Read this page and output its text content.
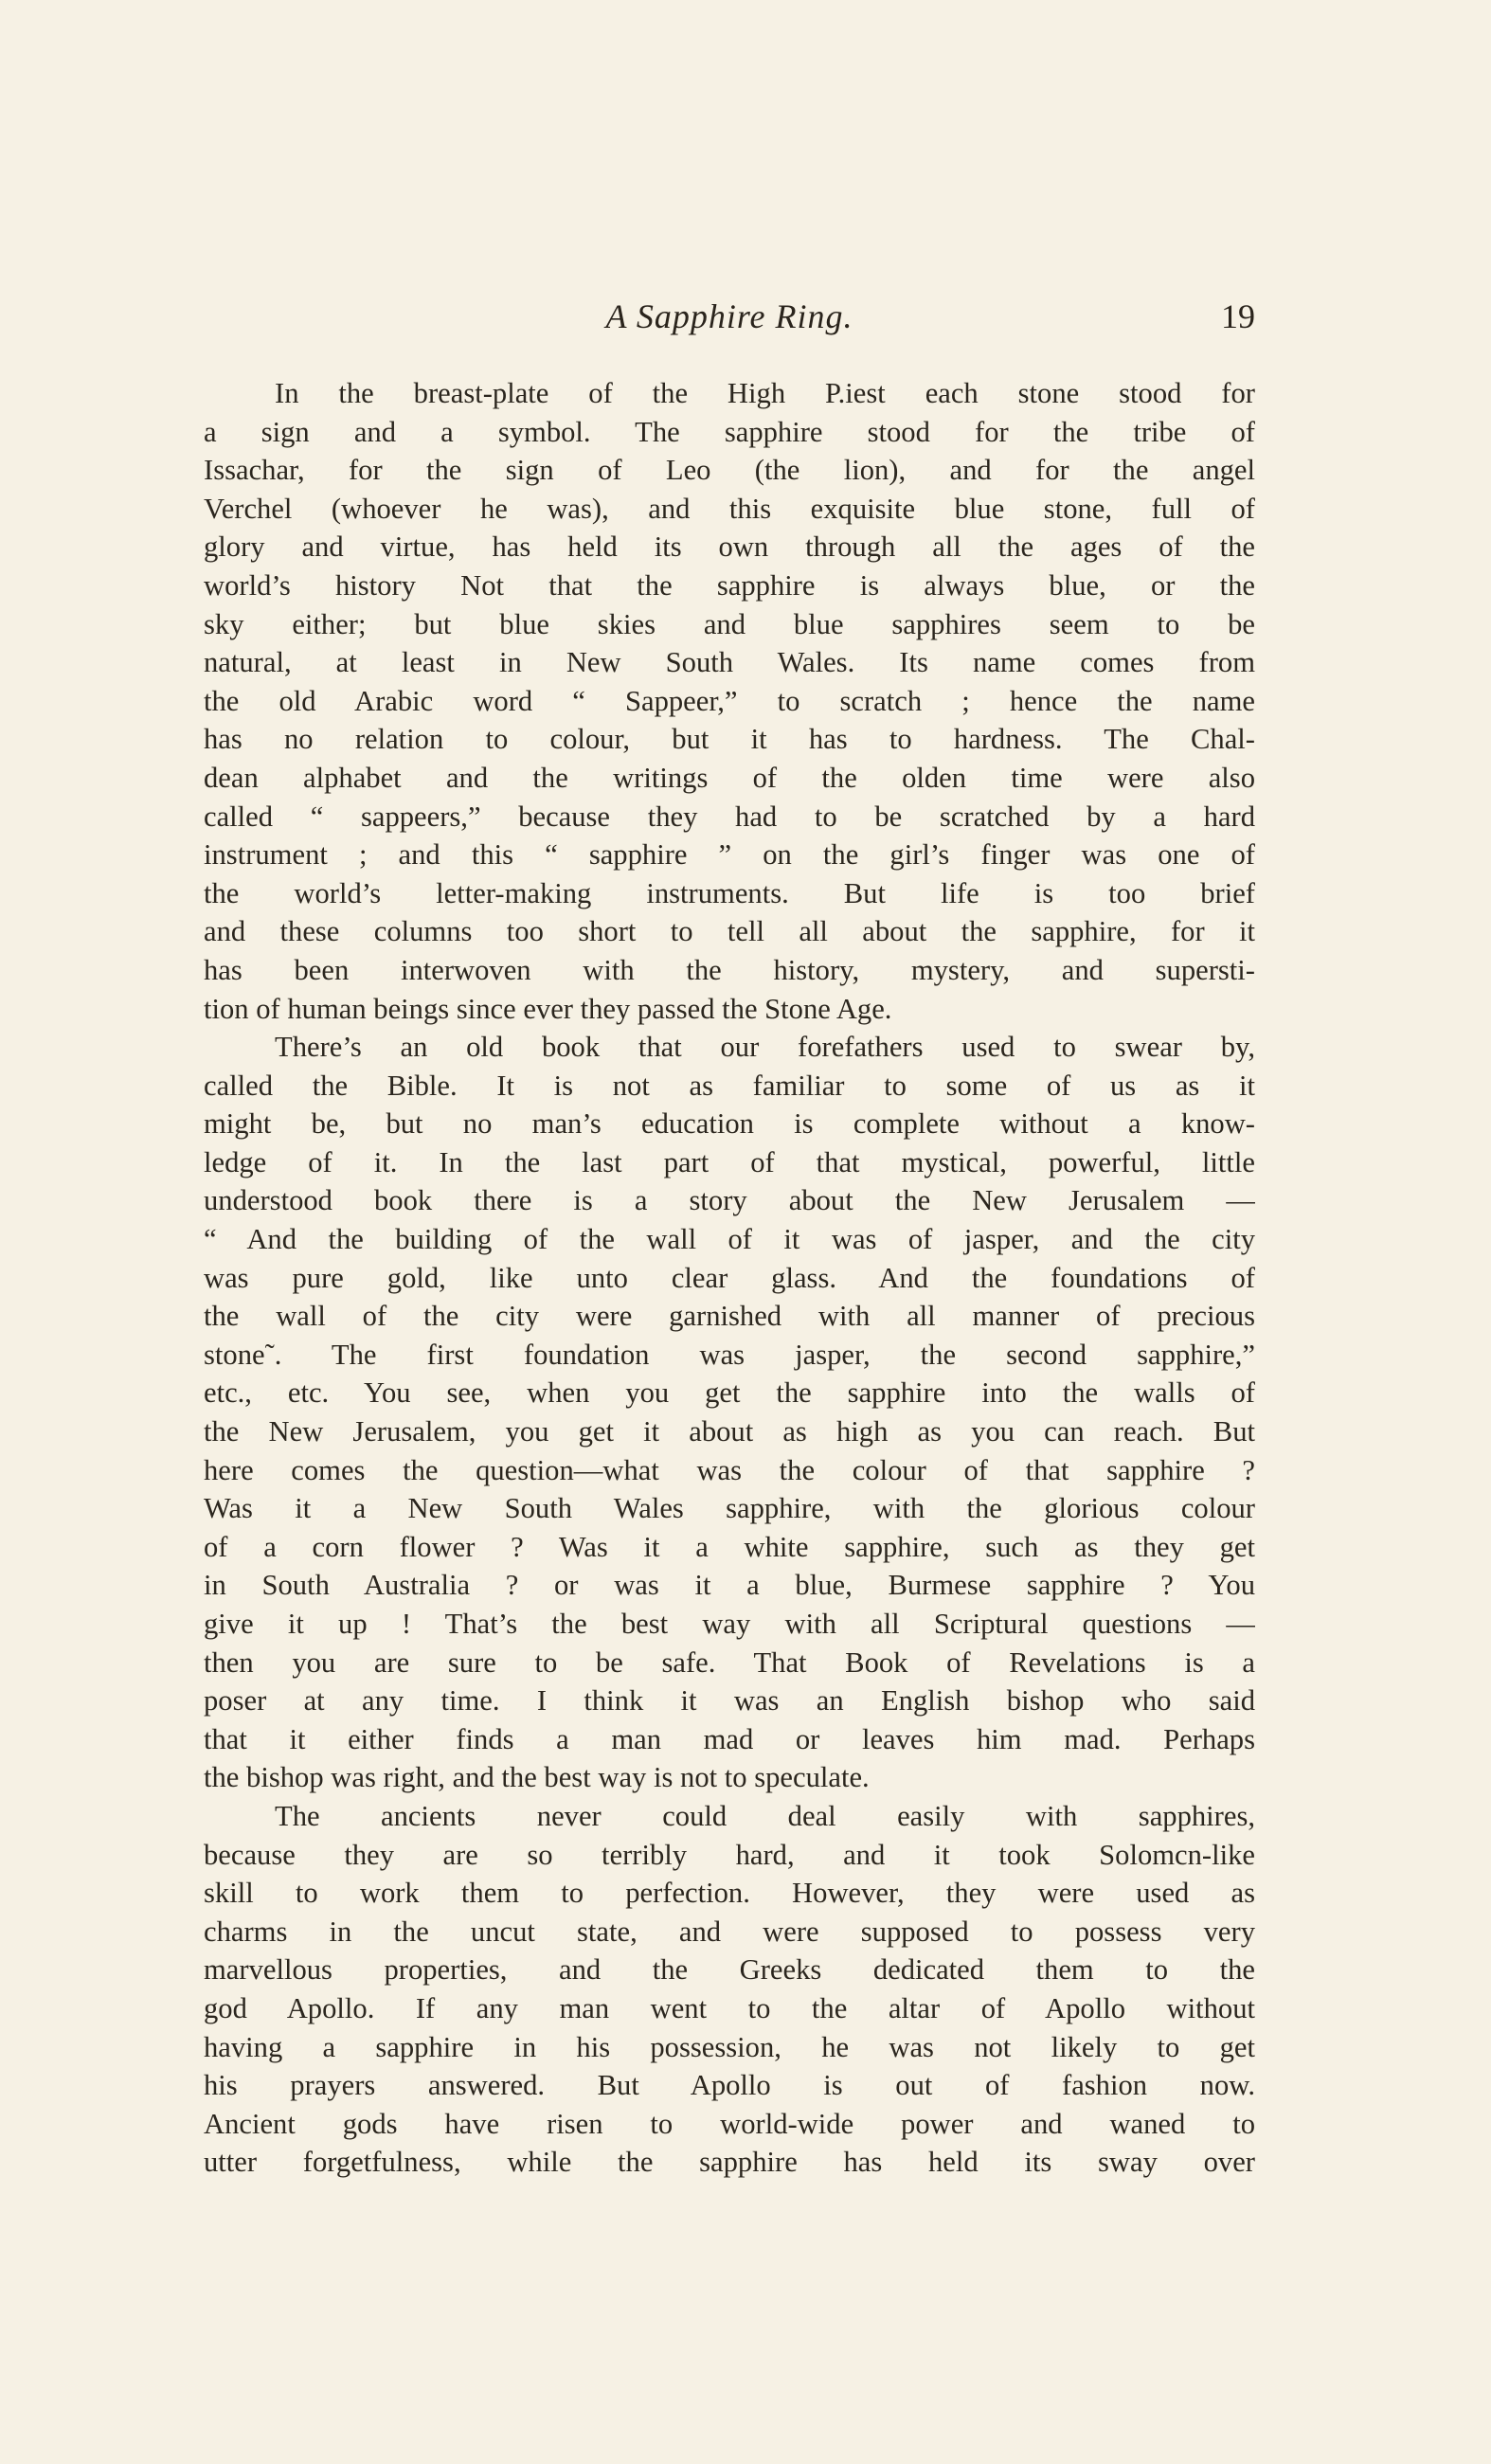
A Sapphire Ring.	19
In the breast-plate of the High P.iest each stone stood for
a sign and a symbol. The sapphire stood for the tribe of
Issachar, for the sign of Leo (the lion), and for the angel
Verchel (whoever he was), and this exquisite blue stone, full of
glory and virtue, has held its own through all the ages of the
world’s history Not that the sapphire is always blue, or the
sky either; but blue skies and blue sapphires seem to be
natural, at least in New South Wales. Its name comes from
the old Arabic word “ Sappeer,” to scratch ; hence the name
has no relation to colour, but it has to hardness. The Chal-
dean alphabet and the writings of the olden time were also
called “ sappeers,” because they had to be scratched by a hard
instrument ; and this “ sapphire ” on the girl’s finger was one of
the world’s letter-making instruments. But life is too brief
and these columns too short to tell all about the sapphire, for it
has been interwoven with the history, mystery, and supersti-
tion of human beings since ever they passed the Stone Age.
There’s an old book that our forefathers used to swear by,
called the Bible. It is not as familiar to some of us as it
might be, but no man’s education is complete without a know-
ledge of it. In the last part of that mystical, powerful, little
understood book there is a story about the New Jerusalem —
“ And the building of the wall of it was of jasper, and the city
was pure gold, like unto clear glass. And the foundations of
the wall of the city were garnished with all manner of precious
stone˜. The first foundation was jasper, the second sapphire,”
etc., etc. You see, when you get the sapphire into the walls of
the New Jerusalem, you get it about as high as you can reach. But
here comes the question—what was the colour of that sapphire ?
Was it a New South Wales sapphire, with the glorious colour
of a corn flower ? Was it a white sapphire, such as they get
in South Australia ? or was it a blue, Burmese sapphire ? You
give it up ! That’s the best way with all Scriptural questions —
then you are sure to be safe. That Book of Revelations is a
poser at any time. I think it was an English bishop who said
that it either finds a man mad or leaves him mad. Perhaps
the bishop was right, and the best way is not to speculate.
The ancients never could deal easily with sapphires,
because they are so terribly hard, and it took Solomcn-like
skill to work them to perfection. However, they were used as
charms in the uncut state, and were supposed to possess very
marvellous properties, and the Greeks dedicated them to the
god Apollo. If any man went to the altar of Apollo without
having a sapphire in his possession, he was not likely to get
his prayers answered. But Apollo is out of fashion now.
Ancient gods have risen to world-wide power and waned to
utter forgetfulness, while the sapphire has held its sway over
